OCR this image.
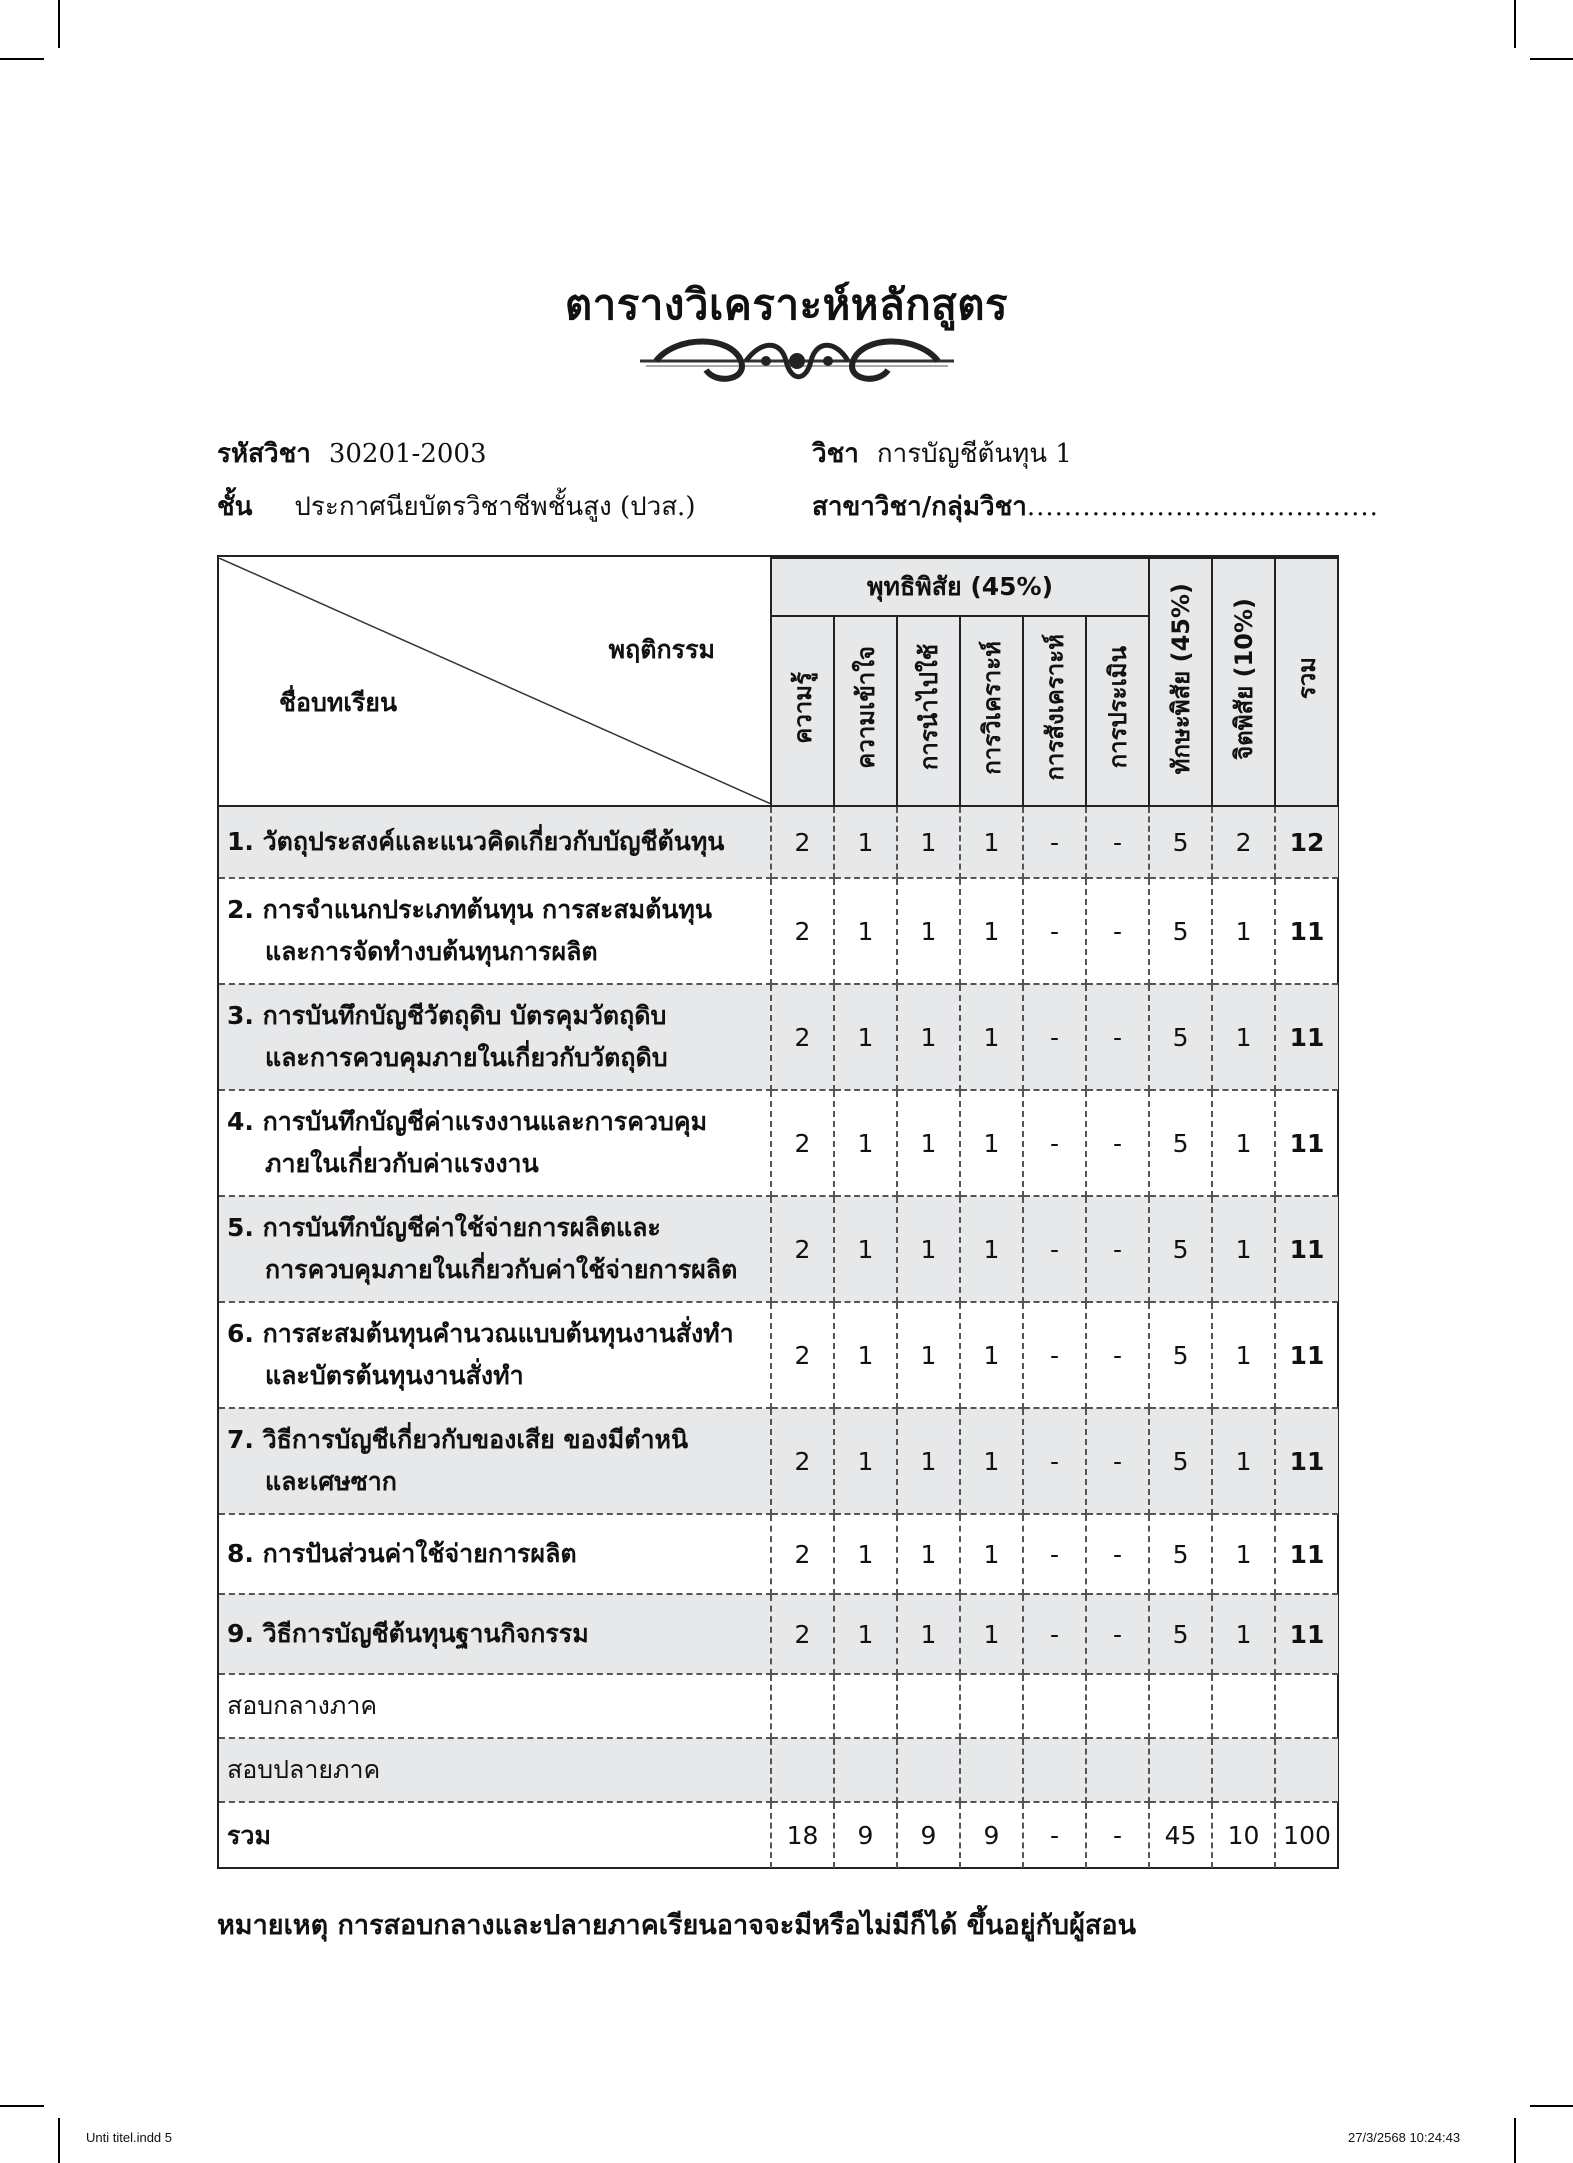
ตารางวิเคราะห์หลักสูตร
รหัสวิชา 30201-2003	วิชา การบัญชีต้นทุน 1
ชั้น ประกาศนียบัตรวิชาชีพชั้นสูง (ปวส.)	สาขาวิชา/กลุ่มวิชา......................................
พฤติกรรม
ชื่อบทเรียน	พุทธิพิสัย (45%)						ทักษะพิสัย (45%)	จิตพิสัย (10%)	รวม
	ความรู้	ความเข้าใจ	การนำไปใช้	การวิเคราะห์	การสังเคราะห์	การประเมิน			

1. วัตถุประสงค์และแนวคิดเกี่ยวกับบัญชีต้นทุน	2	1	1	1	-	-	5	2	12

2. การจำแนกประเภทต้นทุน การสะสมต้นทุน
และการจัดทำงบต้นทุนการผลิต	2	1	1	1	-	-	5	1	11

3. การบันทึกบัญชีวัตถุดิบ บัตรคุมวัตถุดิบ
และการควบคุมภายในเกี่ยวกับวัตถุดิบ	2	1	1	1	-	-	5	1	11

4. การบันทึกบัญชีค่าแรงงานและการควบคุม
ภายในเกี่ยวกับค่าแรงงาน	2	1	1	1	-	-	5	1	11

5. การบันทึกบัญชีค่าใช้จ่ายการผลิตและ
การควบคุมภายในเกี่ยวกับค่าใช้จ่ายการผลิต	2	1	1	1	-	-	5	1	11

6. การสะสมต้นทุนคำนวณแบบต้นทุนงานสั่งทำ
และบัตรต้นทุนงานสั่งทำ	2	1	1	1	-	-	5	1	11

7. วิธีการบัญชีเกี่ยวกับของเสีย ของมีตำหนิ
และเศษซาก	2	1	1	1	-	-	5	1	11

8. การปันส่วนค่าใช้จ่ายการผลิต	2	1	1	1	-	-	5	1	11

9. วิธีการบัญชีต้นทุนฐานกิจกรรม	2	1	1	1	-	-	5	1	11
สอบกลางภาค									
สอบปลายภาค									
รวม	18	9	9	9	-	-	45	10	100
หมายเหตุ การสอบกลางและปลายภาคเรียนอาจจะมีหรือไม่มีก็ได้ ขึ้นอยู่กับผู้สอน
Unti titel.indd 5	27/3/2568 10:24:43
